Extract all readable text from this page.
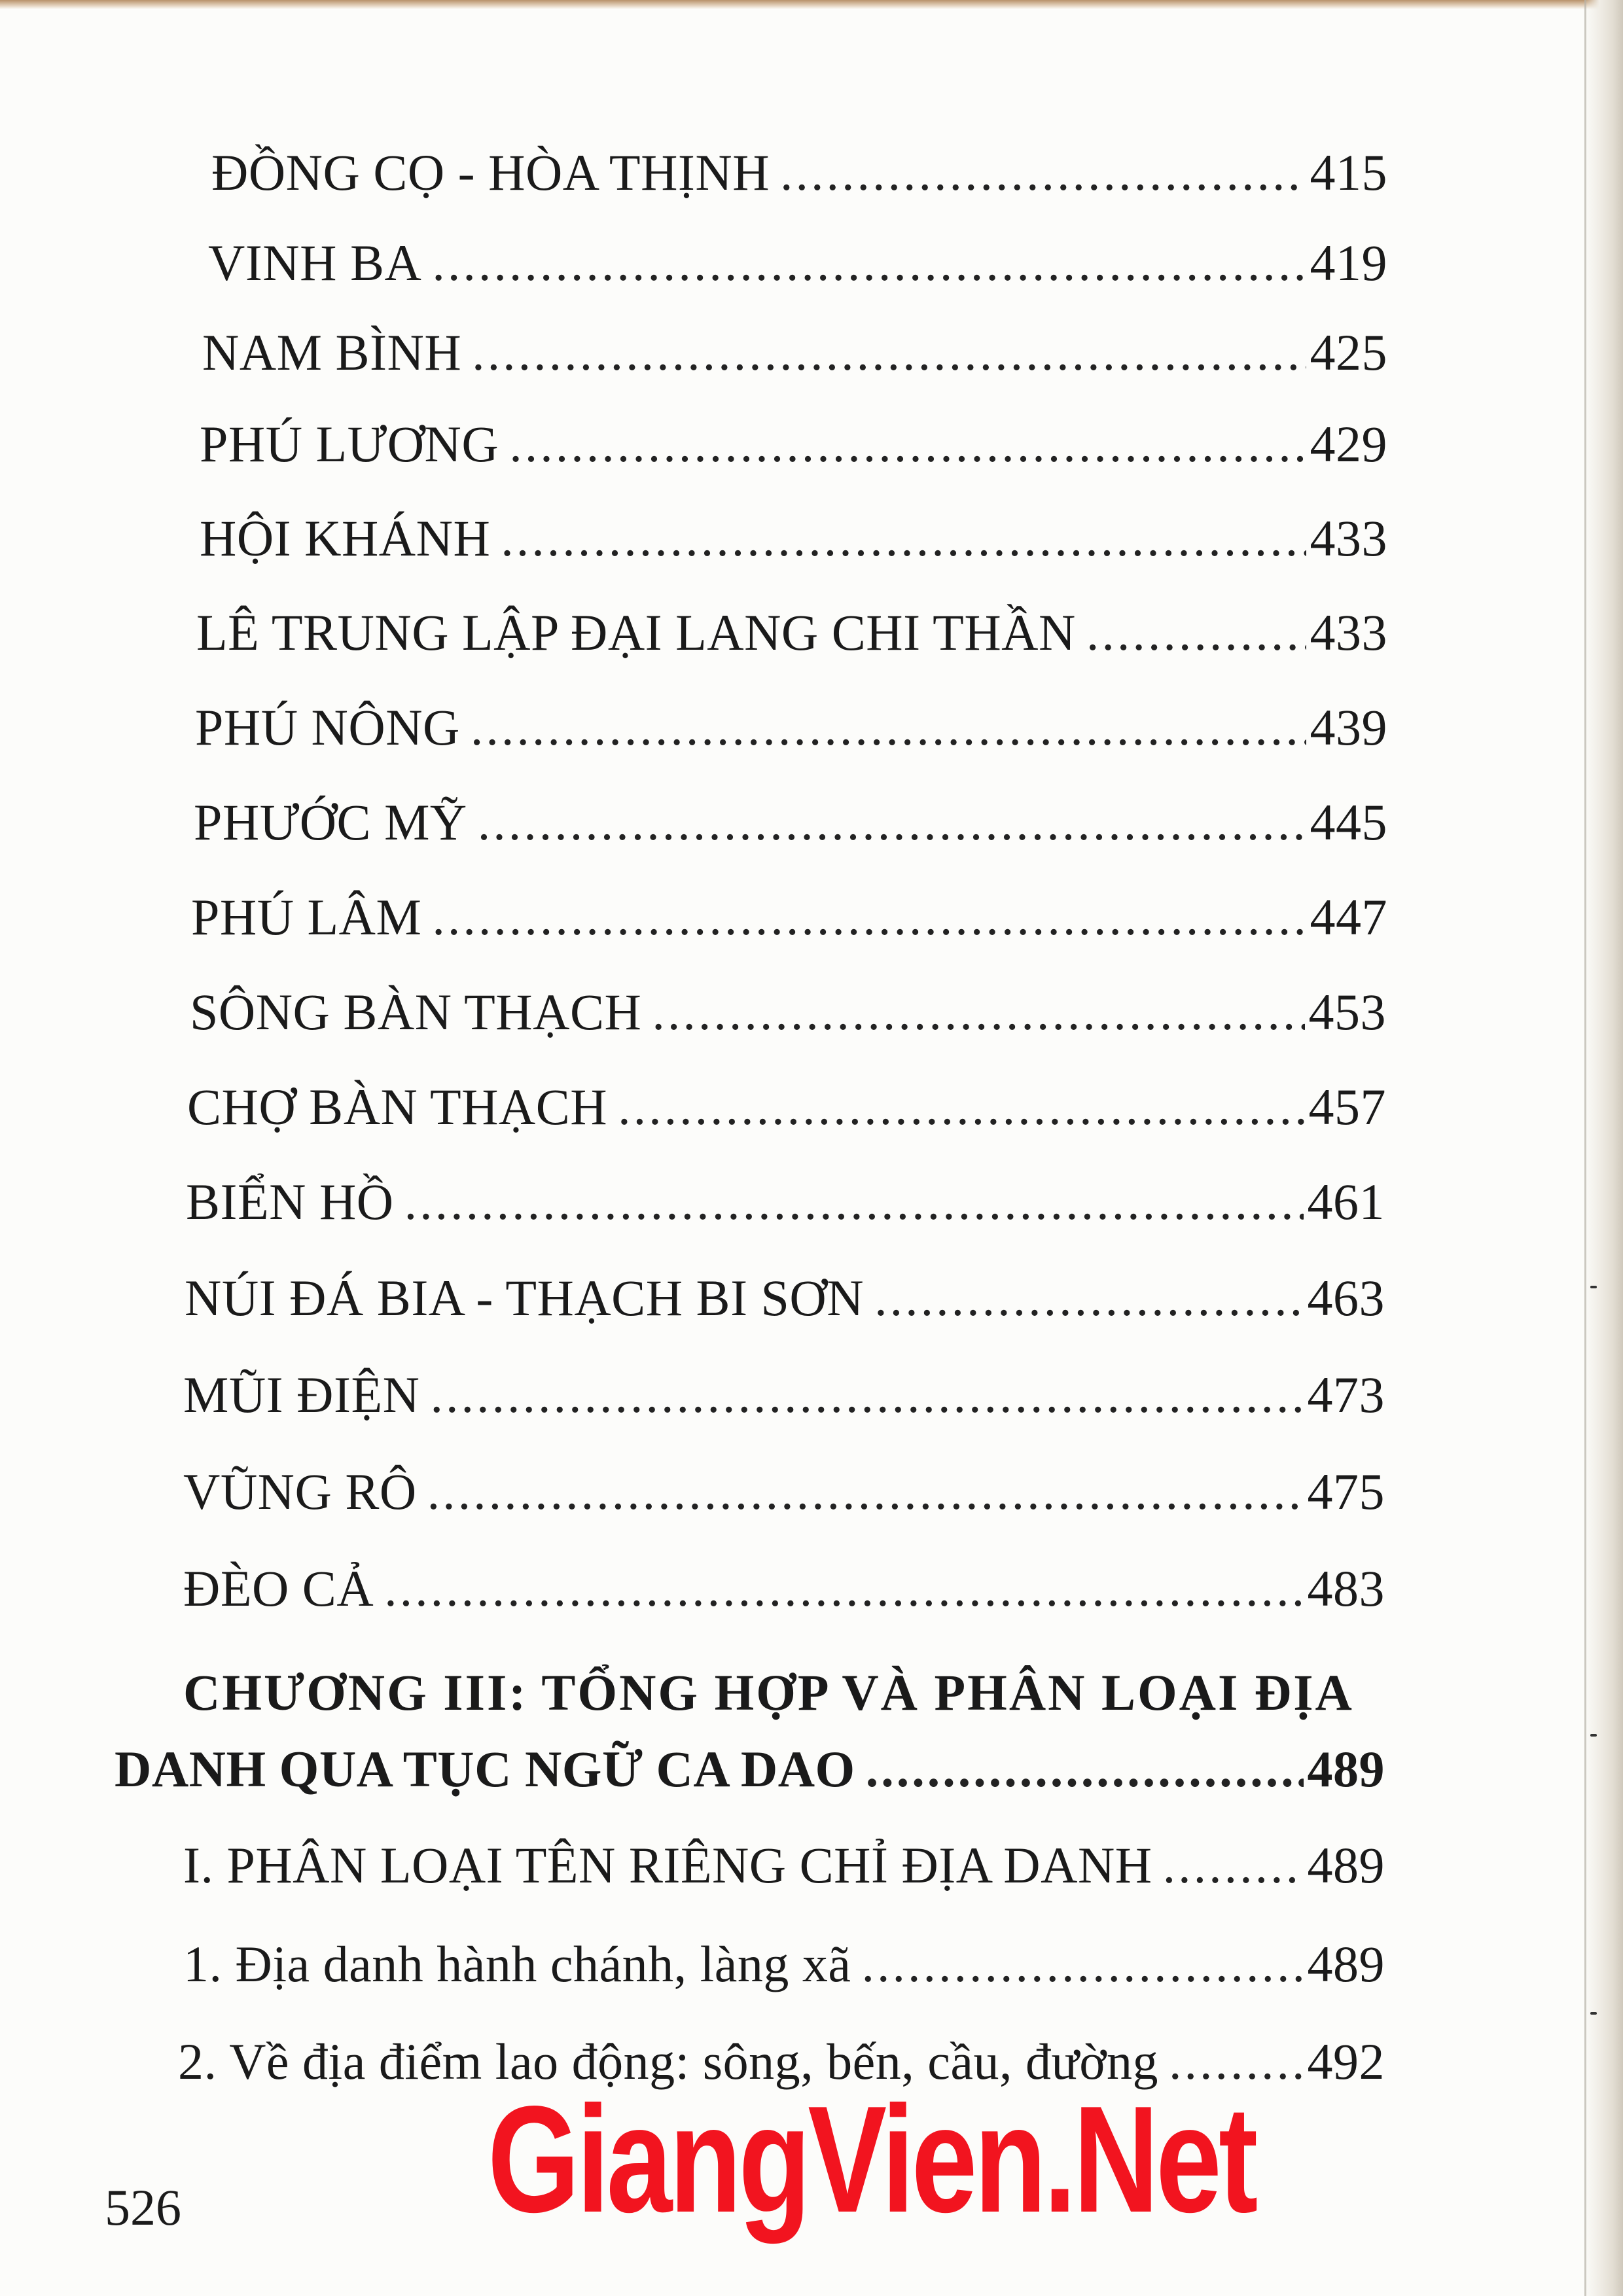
ĐỒNG CỌ - HÒA THỊNH .....	415
VINH BA .....	419
NAM BÌNH .....	425
PHÚ LƯƠNG .....	429
HỘI KHÁNH .....	433
LÊ TRUNG LẬP ĐẠI LANG CHI THẦN .....	433
PHÚ NÔNG .....	439
PHƯỚC MỸ .....	445
PHÚ LÂM .....	447
SÔNG BÀN THẠCH .....	453
CHỢ BÀN THẠCH .....	457
BIỂN HỒ .....	461
NÚI ĐÁ BIA - THẠCH BI SƠN .....	463
MŨI ĐIỆN .....	473
VŨNG RÔ .....	475
ĐÈO CẢ .....	483
CHƯƠNG III: TỔNG HỢP VÀ PHÂN LOẠI ĐỊA
DANH QUA TỤC NGỮ CA DAO .....	489
I. PHÂN LOẠI TÊN RIÊNG CHỈ ĐỊA DANH .....	489
1. Địa danh hành chánh, làng xã .....	489
2. Về địa điểm lao động: sông, bến, cầu, đường .....	492
GiangVien.Net
526
